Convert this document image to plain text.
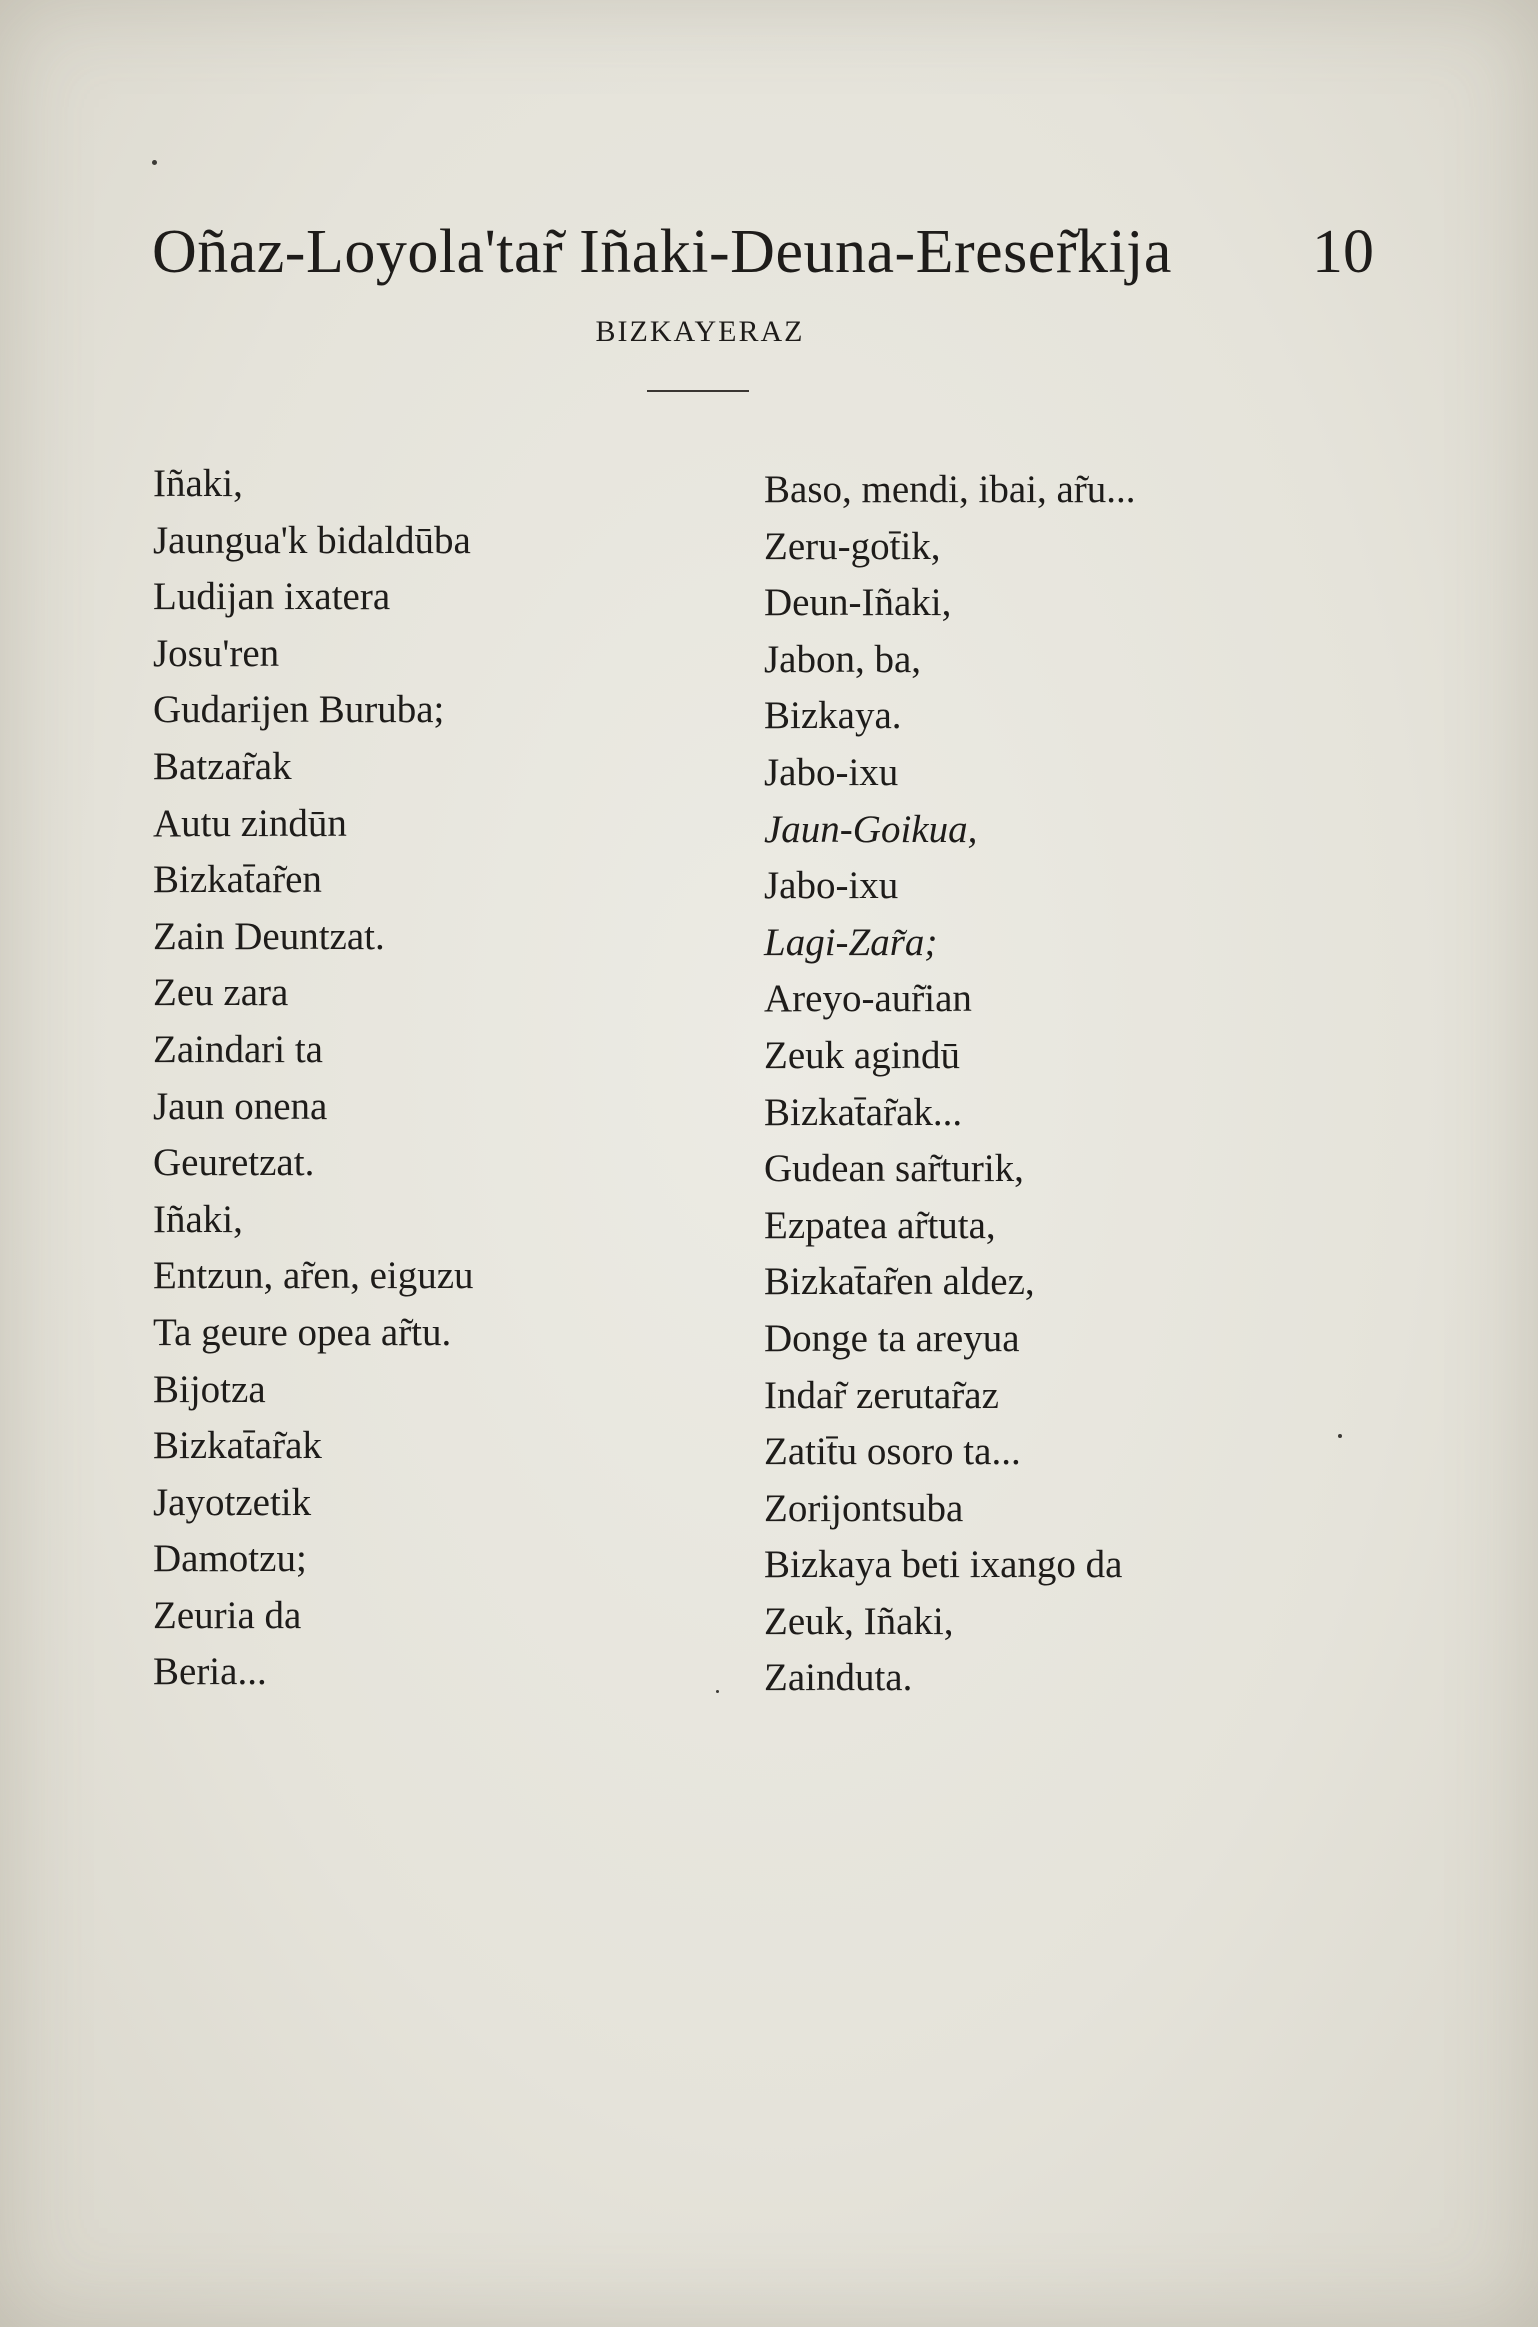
Oñaz-Loyola'tar̃ Iñaki-Deuna-Ereser̃kija	10
BIZKAYERAZ
Iñaki,
Jaungua'k bidaldūba
Ludijan ixatera
Josu'ren
Gudarijen Buruba;
Batzar̃ak
Autu zindūn
Bizkat̄ar̃en
Zain Deuntzat.
Zeu zara
Zaindari ta
Jaun onena
Geuretzat.
Iñaki,
Entzun, ar̃en, eiguzu
Ta geure opea ar̃tu.
Bijotza
Bizkat̄ar̃ak
Jayotzetik
Damotzu;
Zeuria da
Beria...
Baso, mendi, ibai, ar̃u...
Zeru-got̄ik,
Deun-Iñaki,
Jabon, ba,
Bizkaya.
Jabo-ixu
Jaun-Goikua,
Jabo-ixu
Lagi-Zar̃a;
Areyo-aur̃ian
Zeuk agindū
Bizkat̄ar̃ak...
Gudean sar̃turik,
Ezpatea ar̃tuta,
Bizkat̄ar̃en aldez,
Donge ta areyua
Indar̃ zerutar̃az
Zatit̄u osoro ta...
Zorijontsuba
Bizkaya beti ixango da
Zeuk, Iñaki,
Zainduta.
